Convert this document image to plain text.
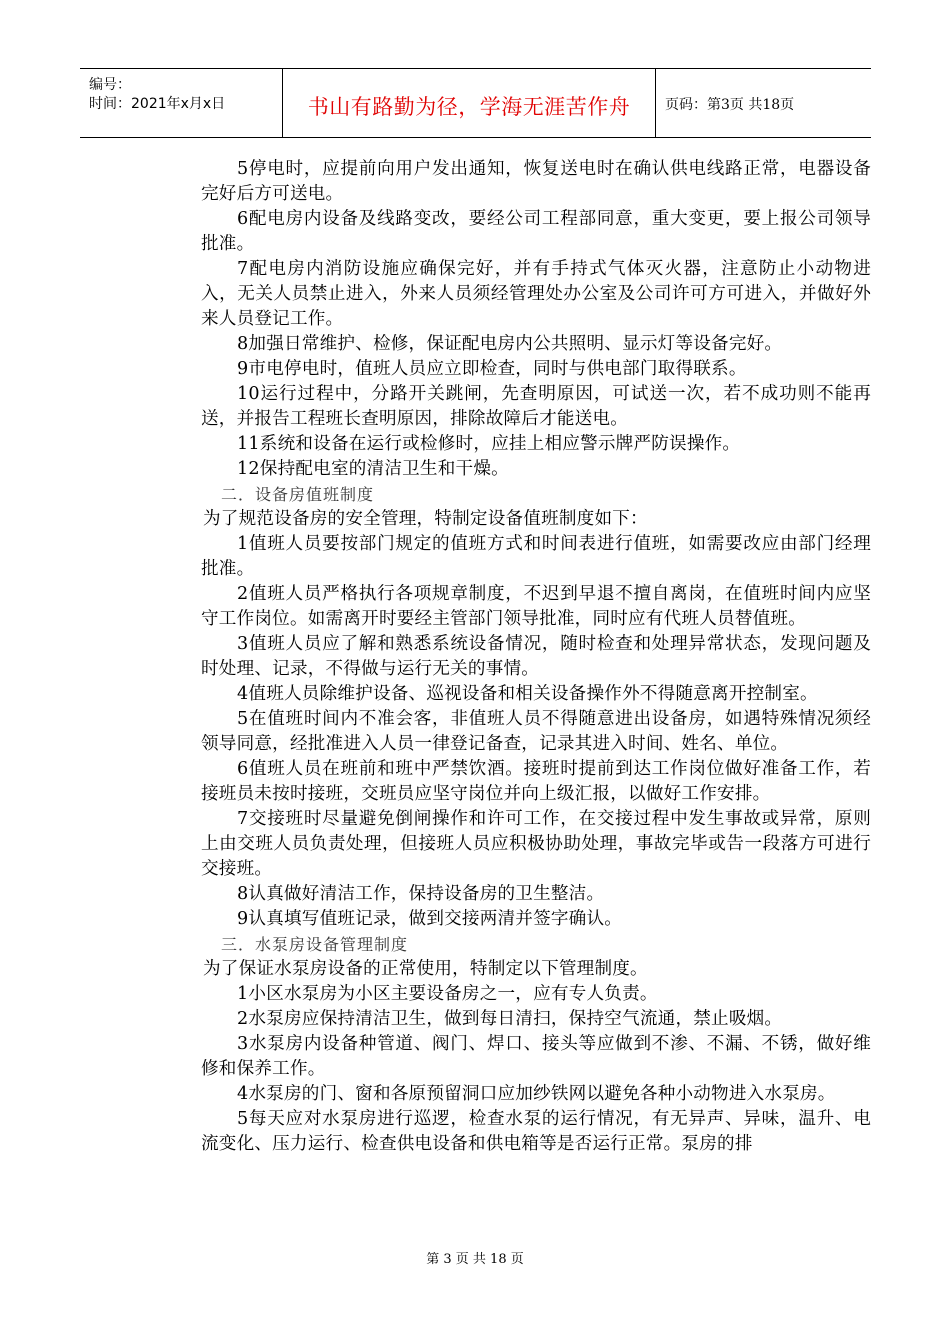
编号：
时间：2021年x月x日	书山有路勤为径，学海无涯苦作舟	页码：第3页 共18页

5停电时，应提前向用户发出通知，恢复送电时在确认供电线路正常，电器设备完好后方可送电。

6配电房内设备及线路变改，要经公司工程部同意，重大变更，要上报公司领导批准。

7配电房内消防设施应确保完好，并有手持式气体灭火器，注意防止小动物进入，无关人员禁止进入，外来人员须经管理处办公室及公司许可方可进入，并做好外来人员登记工作。

8加强日常维护、检修，保证配电房内公共照明、显示灯等设备完好。

9市电停电时，值班人员应立即检查，同时与供电部门取得联系。

10运行过程中，分路开关跳闸，先查明原因，可试送一次，若不成功则不能再送，并报告工程班长查明原因，排除故障后才能送电。

11系统和设备在运行或检修时，应挂上相应警示牌严防误操作。

12保持配电室的清洁卫生和干燥。

二．设备房值班制度

为了规范设备房的安全管理，特制定设备值班制度如下：

1值班人员要按部门规定的值班方式和时间表进行值班，如需要改应由部门经理批准。

2值班人员严格执行各项规章制度，不迟到早退不擅自离岗，在值班时间内应坚守工作岗位。如需离开时要经主管部门领导批准，同时应有代班人员替值班。

3值班人员应了解和熟悉系统设备情况，随时检查和处理异常状态，发现问题及时处理、记录，不得做与运行无关的事情。

4值班人员除维护设备、巡视设备和相关设备操作外不得随意离开控制室。

5在值班时间内不准会客，非值班人员不得随意进出设备房，如遇特殊情况须经领导同意，经批准进入人员一律登记备查，记录其进入时间、姓名、单位。

6值班人员在班前和班中严禁饮酒。接班时提前到达工作岗位做好准备工作，若接班员未按时接班，交班员应坚守岗位并向上级汇报，以做好工作安排。

7交接班时尽量避免倒闸操作和许可工作，在交接过程中发生事故或异常，原则上由交班人员负责处理，但接班人员应积极协助处理，事故完毕或告一段落方可进行交接班。

8认真做好清洁工作，保持设备房的卫生整洁。

9认真填写值班记录，做到交接两清并签字确认。

三．水泵房设备管理制度

为了保证水泵房设备的正常使用，特制定以下管理制度。

1小区水泵房为小区主要设备房之一，应有专人负责。

2水泵房应保持清洁卫生，做到每日清扫，保持空气流通，禁止吸烟。

3水泵房内设备种管道、阀门、焊口、接头等应做到不渗、不漏、不锈，做好维修和保养工作。

4水泵房的门、窗和各原预留洞口应加纱铁网以避免各种小动物进入水泵房。

5每天应对水泵房进行巡逻，检查水泵的运行情况，有无异声、异味，温升、电流变化、压力运行、检查供电设备和供电箱等是否运行正常。泵房的排

第 3 页 共 18 页
